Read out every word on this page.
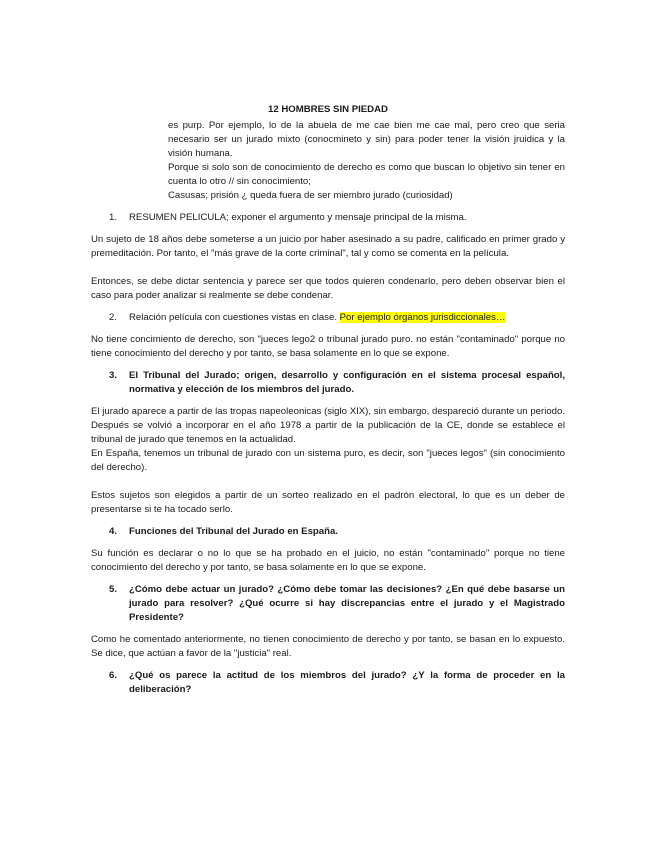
12 HOMBRES SIN PIEDAD

es purp. Por ejemplo, lo de la abuela de me cae bien me cae mal, pero creo que seria necesario ser un jurado mixto (conocmineto y sin) para poder tener la visión jruidica y la visión humana.

Porque si solo son de conocimiento de derecho es como que buscan lo objetivo sin tener en cuenta lo otro // sin conocimiento;

Casusas; prisión ¿ queda fuera de ser miembro jurado (curiosidad)

1.	RESUMEN PELICULA; exponer el argumento y mensaje principal de la misma.

Un sujeto de 18 años debe someterse a un juicio por haber asesinado a su padre, calificado en primer grado y premeditación. Por tanto, el "más grave de la corte criminal", tal y como se comenta en la película.

Entonces, se debe dictar sentencia y parece ser que todos quieren condenarlo, pero deben observar bien el caso para poder analizar si realmente se debe condenar.

2.	Relación película con cuestiones vistas en clase. Por ejemplo órganos jurisdiccionales…

No tiene concimiento de derecho, son "jueces lego2 o tribunal jurado puro. no están "contaminado" porque no tiene conocimiento del derecho y por tanto, se basa solamente en lo que se expone.

3.	El Tribunal del Jurado; origen, desarrollo y configuración en el sistema procesal español, normativa y elección de los miembros del jurado.

El jurado aparece a partir de las tropas napeoleonicas (siglo XIX), sin embargo, despareció durante un periodo. Después se volvió a incorporar en el año 1978 a partir de la publicación de la CE, donde se establece el tribunal de jurado que tenemos en la actualidad.

En España, tenemos un tribunal de jurado con un sistema puro, es decir, son "jueces legos" (sin conocimiento del derecho).

Estos sujetos son elegidos a partir de un sorteo realizado en el padrón electoral, lo que es un deber de presentarse si te ha tocado serlo.

4.	Funciones del Tribunal del Jurado en España.

Su función es declarar o no lo que se ha probado en el juicio, no están "contaminado" porque no tiene conocimiento del derecho y por tanto, se basa solamente en lo que se expone.

5.	¿Cómo debe actuar un jurado? ¿Cómo debe tomar las decisiones? ¿En qué debe basarse un jurado para resolver? ¿Qué ocurre si hay discrepancias entre el jurado y el Magistrado Presidente?

Como he comentado anteriormente, no tienen conocimiento de derecho y por tanto, se basan en lo expuesto. Se dice, que actúan a favor de la "justicia" real.

6.	¿Qué os parece la actitud de los miembros del jurado? ¿Y la forma de proceder en la deliberación?
